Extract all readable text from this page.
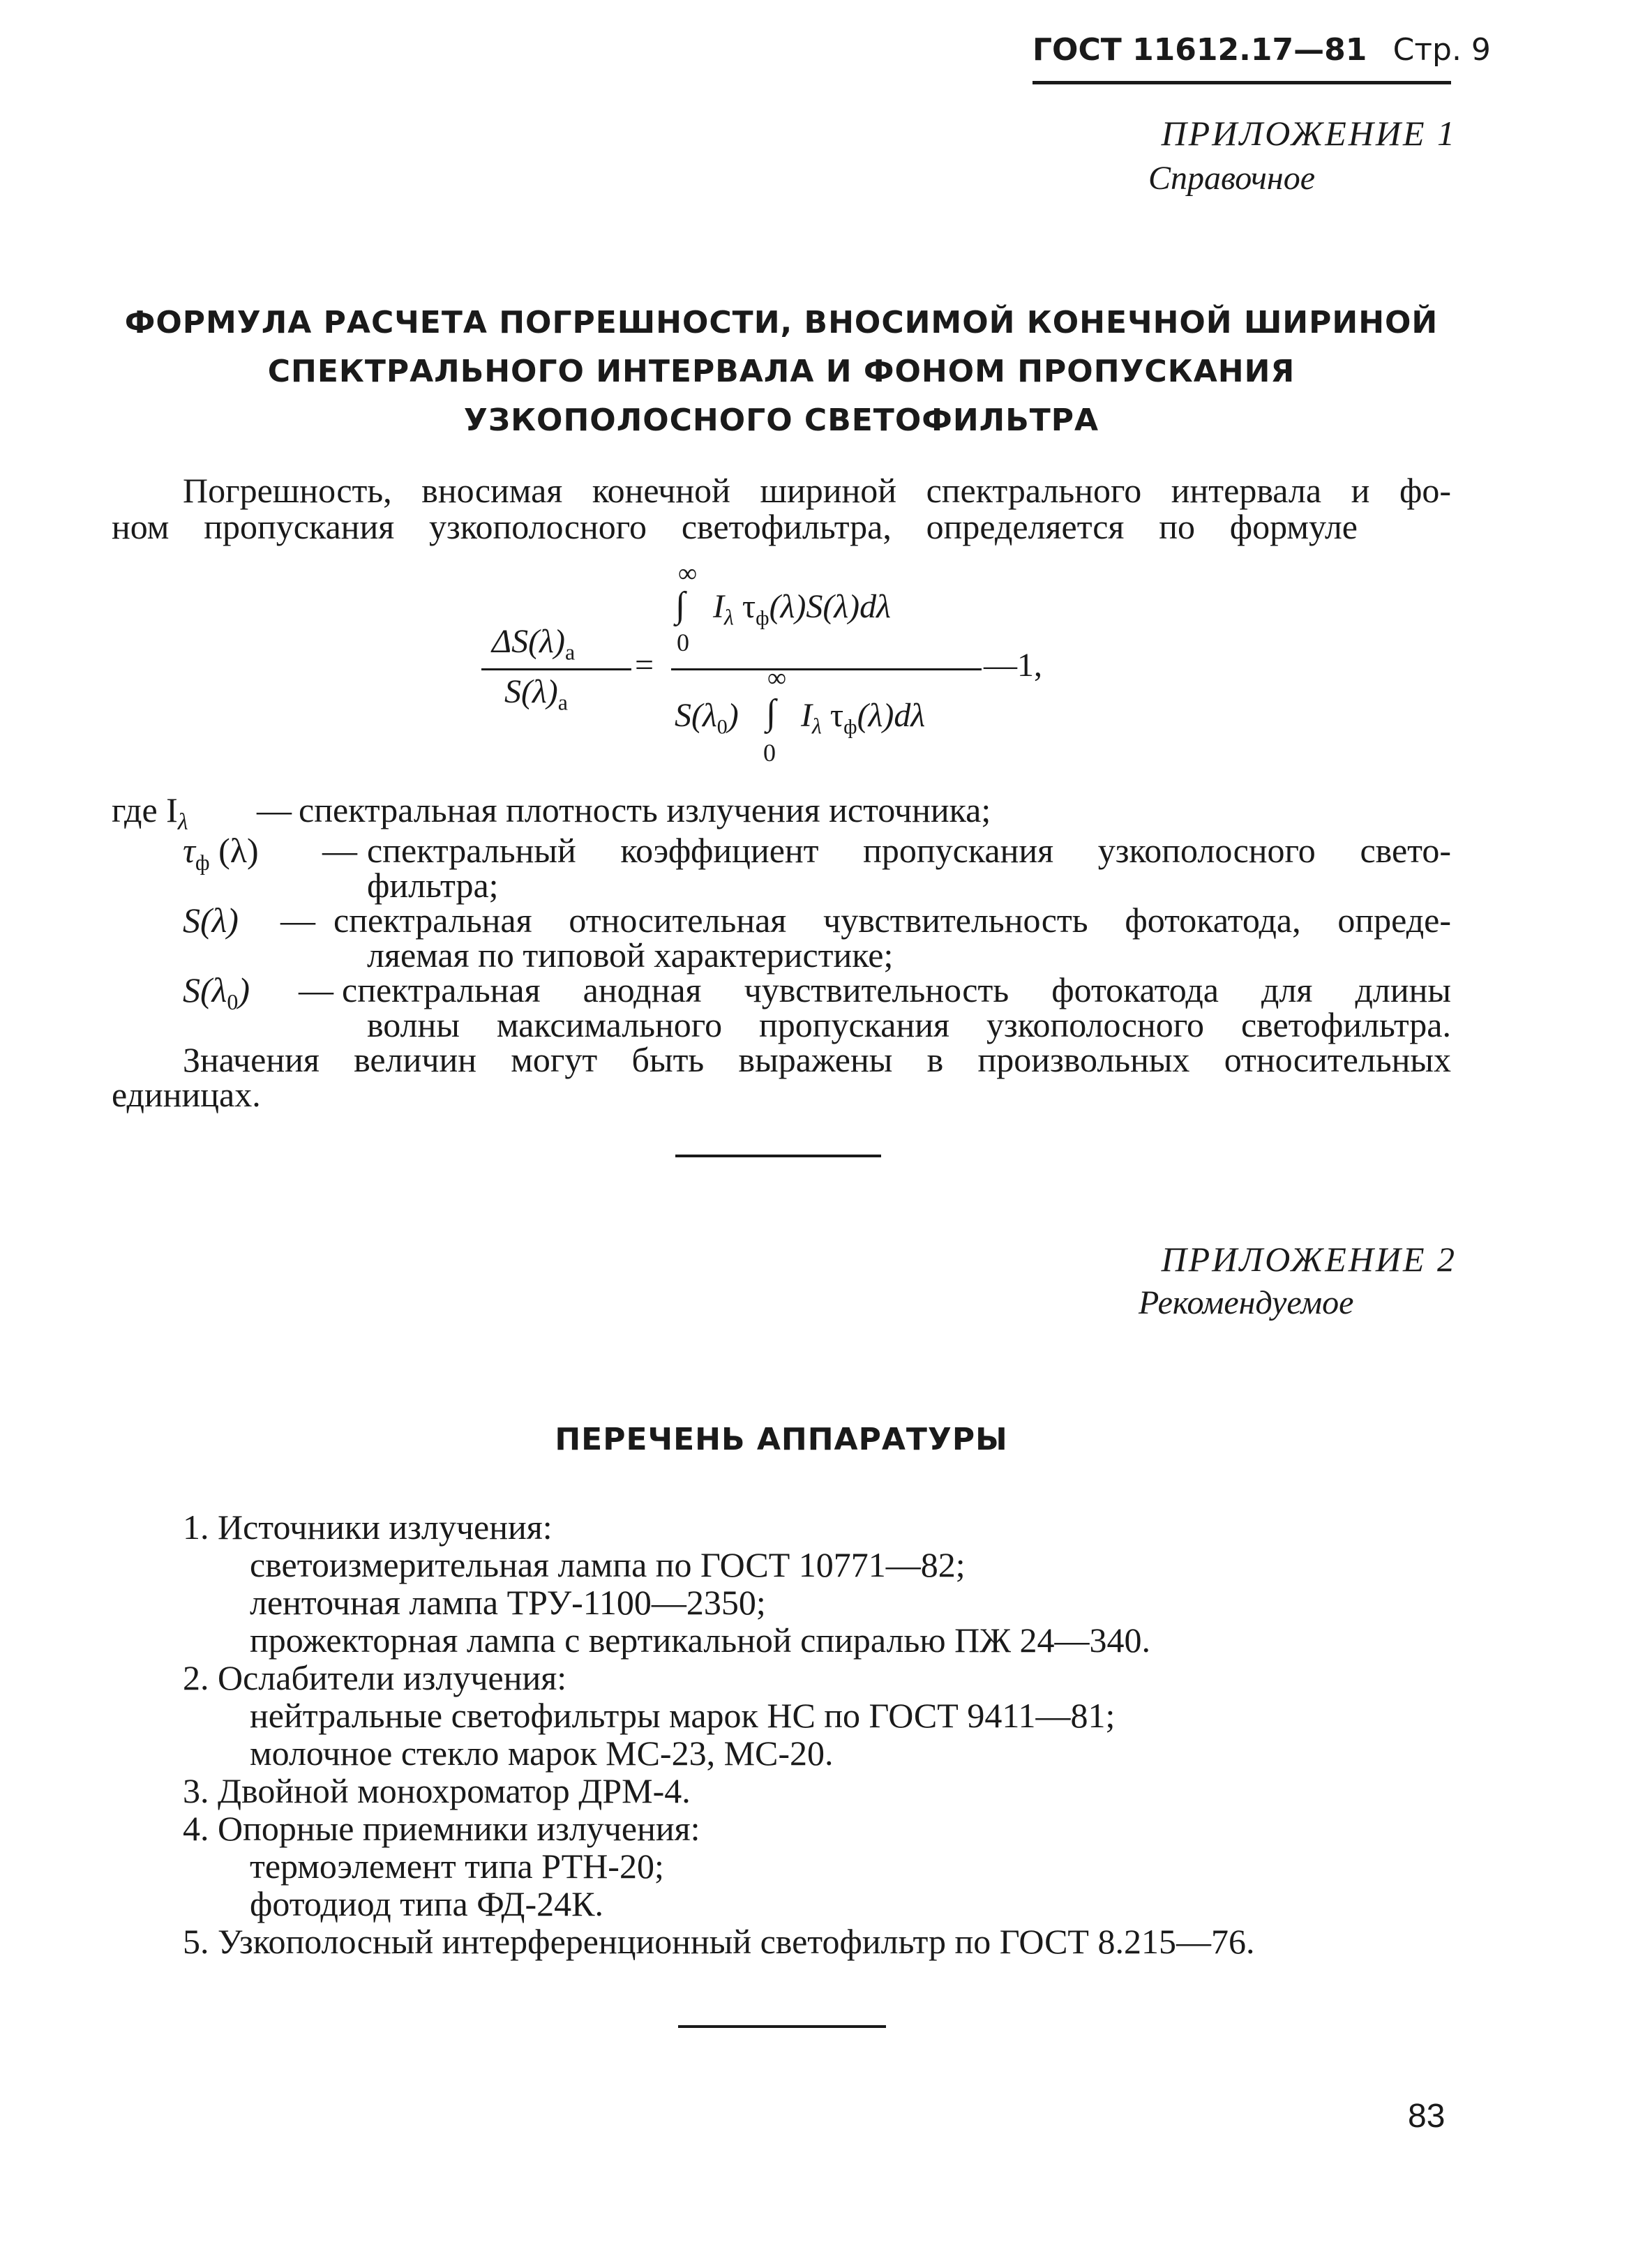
ГОСТ 11612.17—81 Стр. 9
ПРИЛОЖЕНИЕ 1
Справочное
ФОРМУЛА РАСЧЕТА ПОГРЕШНОСТИ, ВНОСИМОЙ КОНЕЧНОЙ ШИРИНОЙ
СПЕКТРАЛЬНОГО ИНТЕРВАЛА И ФОНОМ ПРОПУСКАНИЯ
УЗКОПОЛОСНОГО СВЕТОФИЛЬТРА
Погрешность, вносимая конечной шириной спектрального интервала и фо-
ном пропускания узкополосного светофильтра, определяется по формуле
$\Delta S(\lambda)_а$
$S(\lambda)_а$
=
∞
∫
0
$I_\lambda$ $\tau_ф(\lambda)S(\lambda)d\lambda$
—1,
$S(\lambda_0)$
∞
∫
0
$I_\lambda$ $\tau_ф(\lambda)d\lambda$
где $I_\lambda$ — спектральная плотность излучения источника;
$\tau_ф$ (λ) — спектральный коэффициент пропускания узкополосного свето-
фильтра;
S(λ) — спектральная относительная чувствительность фотокатода, опреде-
ляемая по типовой характеристике;
$S(\lambda_0)$ — спектральная анодная чувствительность фотокатода для длины
волны максимального пропускания узкополосного светофильтра.
Значения величин могут быть выражены в произвольных относительных
единицах.
ПРИЛОЖЕНИЕ 2
Рекомендуемое
ПЕРЕЧЕНЬ АППАРАТУРЫ
1. Источники излучения:
светоизмерительная лампа по ГОСТ 10771—82;
ленточная лампа ТРУ-1100—2350;
прожекторная лампа с вертикальной спиралью ПЖ 24—340.
2. Ослабители излучения:
нейтральные светофильтры марок НС по ГОСТ 9411—81;
молочное стекло марок МС-23, МС-20.
3. Двойной монохроматор ДРМ-4.
4. Опорные приемники излучения:
термоэлемент типа РТН-20;
фотодиод типа ФД-24К.
5. Узкополосный интерференционный светофильтр по ГОСТ 8.215—76.
83
